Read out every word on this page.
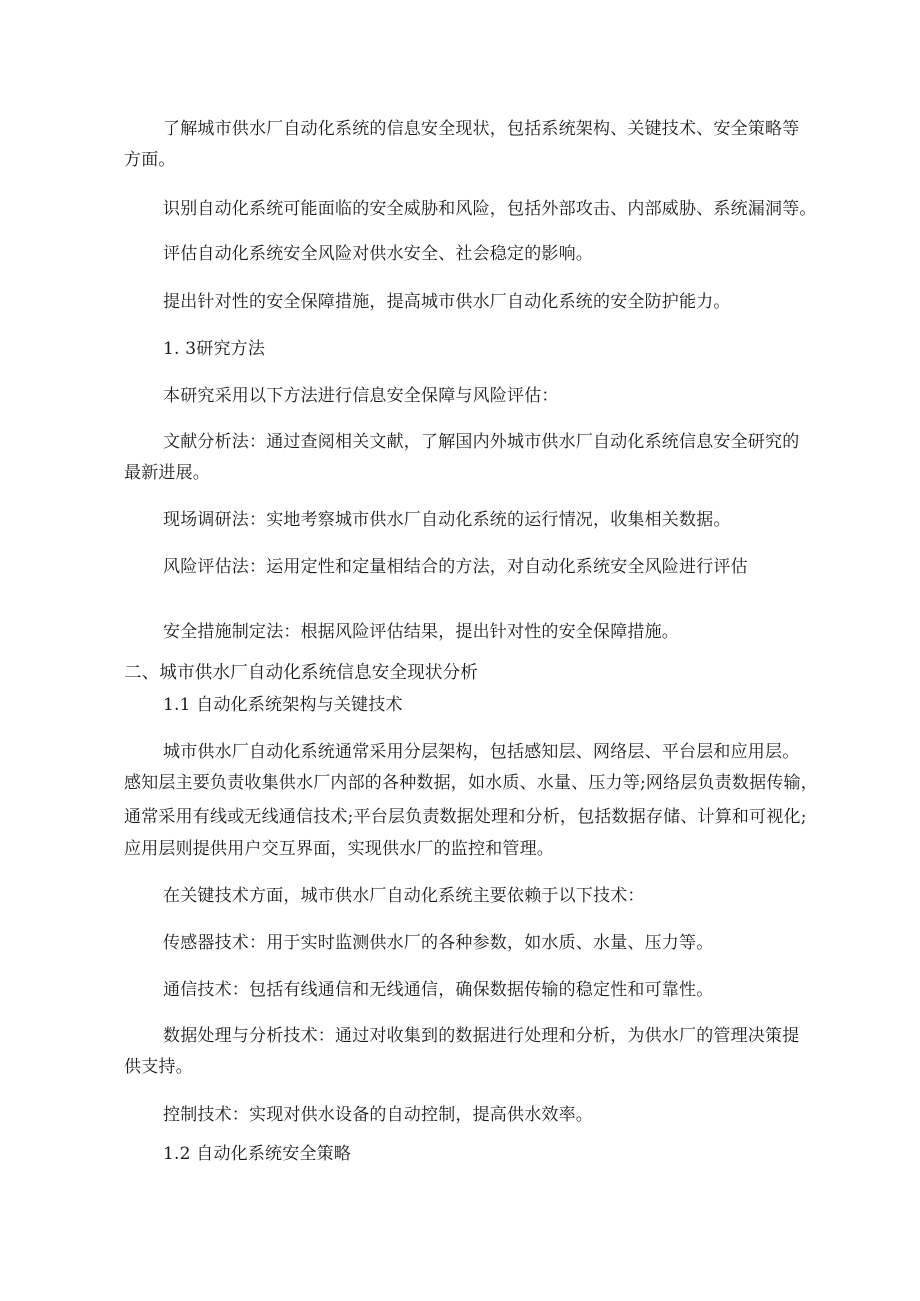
了解城市供水厂自动化系统的信息安全现状，包括系统架构、关键技术、安全策略等
方面。
识别自动化系统可能面临的安全威胁和风险，包括外部攻击、内部威胁、系统漏洞等。
评估自动化系统安全风险对供水安全、社会稳定的影响。
提出针对性的安全保障措施，提高城市供水厂自动化系统的安全防护能力。
1. 3研究方法
本研究采用以下方法进行信息安全保障与风险评估：
文献分析法：通过查阅相关文献，了解国内外城市供水厂自动化系统信息安全研究的
最新进展。
现场调研法：实地考察城市供水厂自动化系统的运行情况，收集相关数据。
风险评估法：运用定性和定量相结合的方法，对自动化系统安全风险进行评估
安全措施制定法：根据风险评估结果，提出针对性的安全保障措施。
二、城市供水厂自动化系统信息安全现状分析
1.1 自动化系统架构与关键技术
城市供水厂自动化系统通常采用分层架构，包括感知层、网络层、平台层和应用层。
感知层主要负责收集供水厂内部的各种数据，如水质、水量、压力等;网络层负责数据传输，
通常采用有线或无线通信技术;平台层负责数据处理和分析，包括数据存储、计算和可视化;
应用层则提供用户交互界面，实现供水厂的监控和管理。
在关键技术方面，城市供水厂自动化系统主要依赖于以下技术：
传感器技术：用于实时监测供水厂的各种参数，如水质、水量、压力等。
通信技术：包括有线通信和无线通信，确保数据传输的稳定性和可靠性。
数据处理与分析技术：通过对收集到的数据进行处理和分析，为供水厂的管理决策提
供支持。
控制技术：实现对供水设备的自动控制，提高供水效率。
1.2 自动化系统安全策略
